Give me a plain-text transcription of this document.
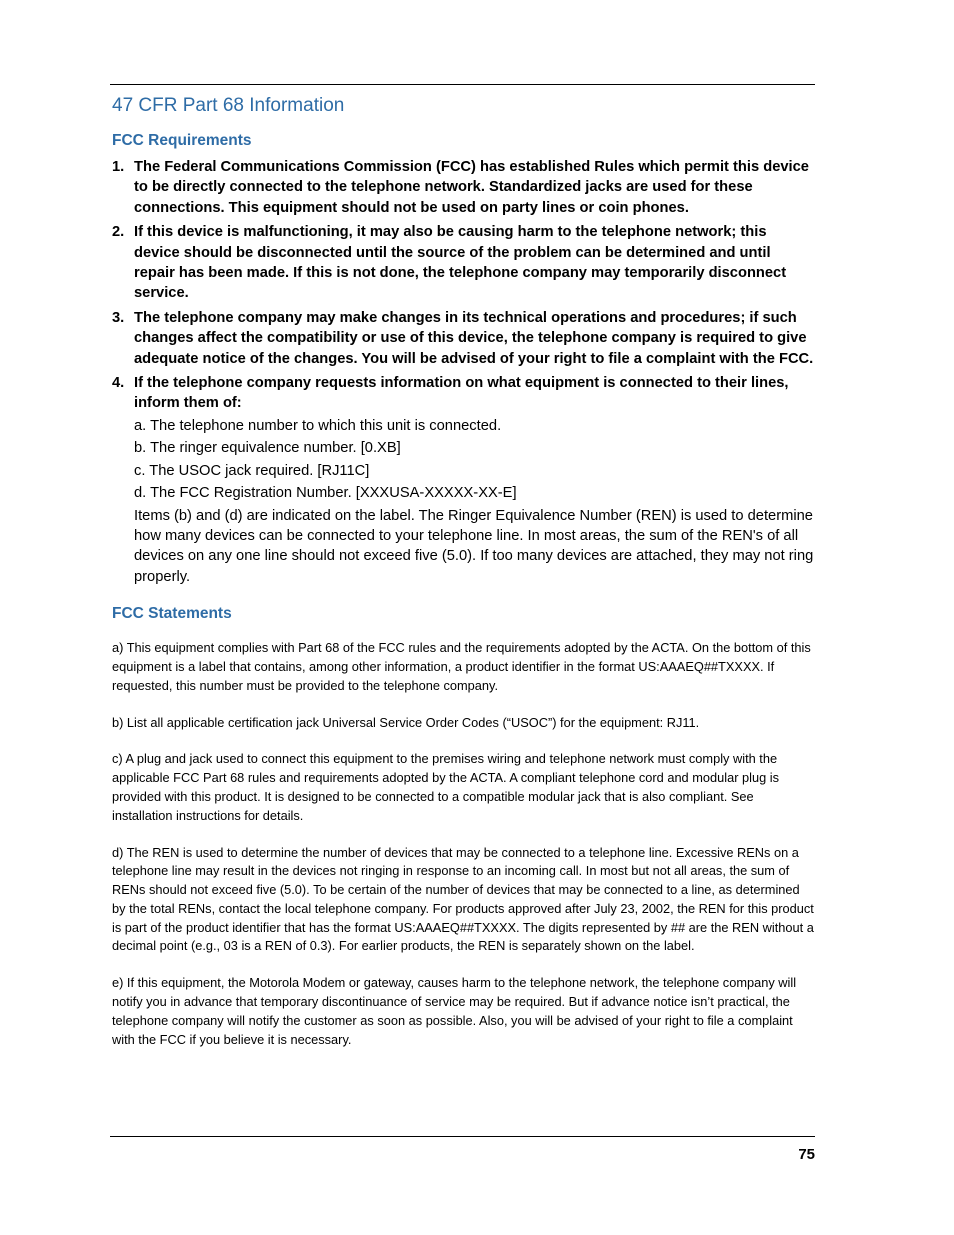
47 CFR Part 68 Information
FCC Requirements
1. The Federal Communications Commission (FCC) has established Rules which permit this device to be directly connected to the telephone network. Standardized jacks are used for these connections. This equipment should not be used on party lines or coin phones.
2. If this device is malfunctioning, it may also be causing harm to the telephone network; this device should be disconnected until the source of the problem can be determined and until repair has been made. If this is not done, the telephone company may temporarily disconnect service.
3. The telephone company may make changes in its technical operations and procedures; if such changes affect the compatibility or use of this device, the telephone company is required to give adequate notice of the changes. You will be advised of your right to file a complaint with the FCC.
4. If the telephone company requests information on what equipment is connected to their lines, inform them of:
a. The telephone number to which this unit is connected.
b. The ringer equivalence number. [0.XB]
c. The USOC jack required. [RJ11C]
d. The FCC Registration Number. [XXXUSA-XXXXX-XX-E]
Items (b) and (d) are indicated on the label. The Ringer Equivalence Number (REN) is used to determine how many devices can be connected to your telephone line. In most areas, the sum of the REN's of all devices on any one line should not exceed five (5.0). If too many devices are attached, they may not ring properly.
FCC Statements

a) This equipment complies with Part 68 of the FCC rules and the requirements adopted by the ACTA. On the bottom of this equipment is a label that contains, among other information, a product identifier in the format US:AAAEQ##TXXXX. If requested, this number must be provided to the telephone company.

b) List all applicable certification jack Universal Service Order Codes (“USOC”) for the equipment: RJ11.

c) A plug and jack used to connect this equipment to the premises wiring and telephone network must comply with the applicable FCC Part 68 rules and requirements adopted by the ACTA. A compliant telephone cord and modular plug is provided with this product. It is designed to be connected to a compatible modular jack that is also compliant. See installation instructions for details.

d) The REN is used to determine the number of devices that may be connected to a telephone line. Excessive RENs on a telephone line may result in the devices not ringing in response to an incoming call. In most but not all areas, the sum of RENs should not exceed five (5.0). To be certain of the number of devices that may be connected to a line, as determined by the total RENs, contact the local telephone company. For products approved after July 23, 2002, the REN for this product is part of the product identifier that has the format US:AAAEQ##TXXXX. The digits represented by ## are the REN without a decimal point (e.g., 03 is a REN of 0.3). For earlier products, the REN is separately shown on the label.

e) If this equipment, the Motorola Modem or gateway, causes harm to the telephone network, the telephone company will notify you in advance that temporary discontinuance of service may be required. But if advance notice isn’t practical, the telephone company will notify the customer as soon as possible. Also, you will be advised of your right to file a complaint with the FCC if you believe it is necessary.

75
